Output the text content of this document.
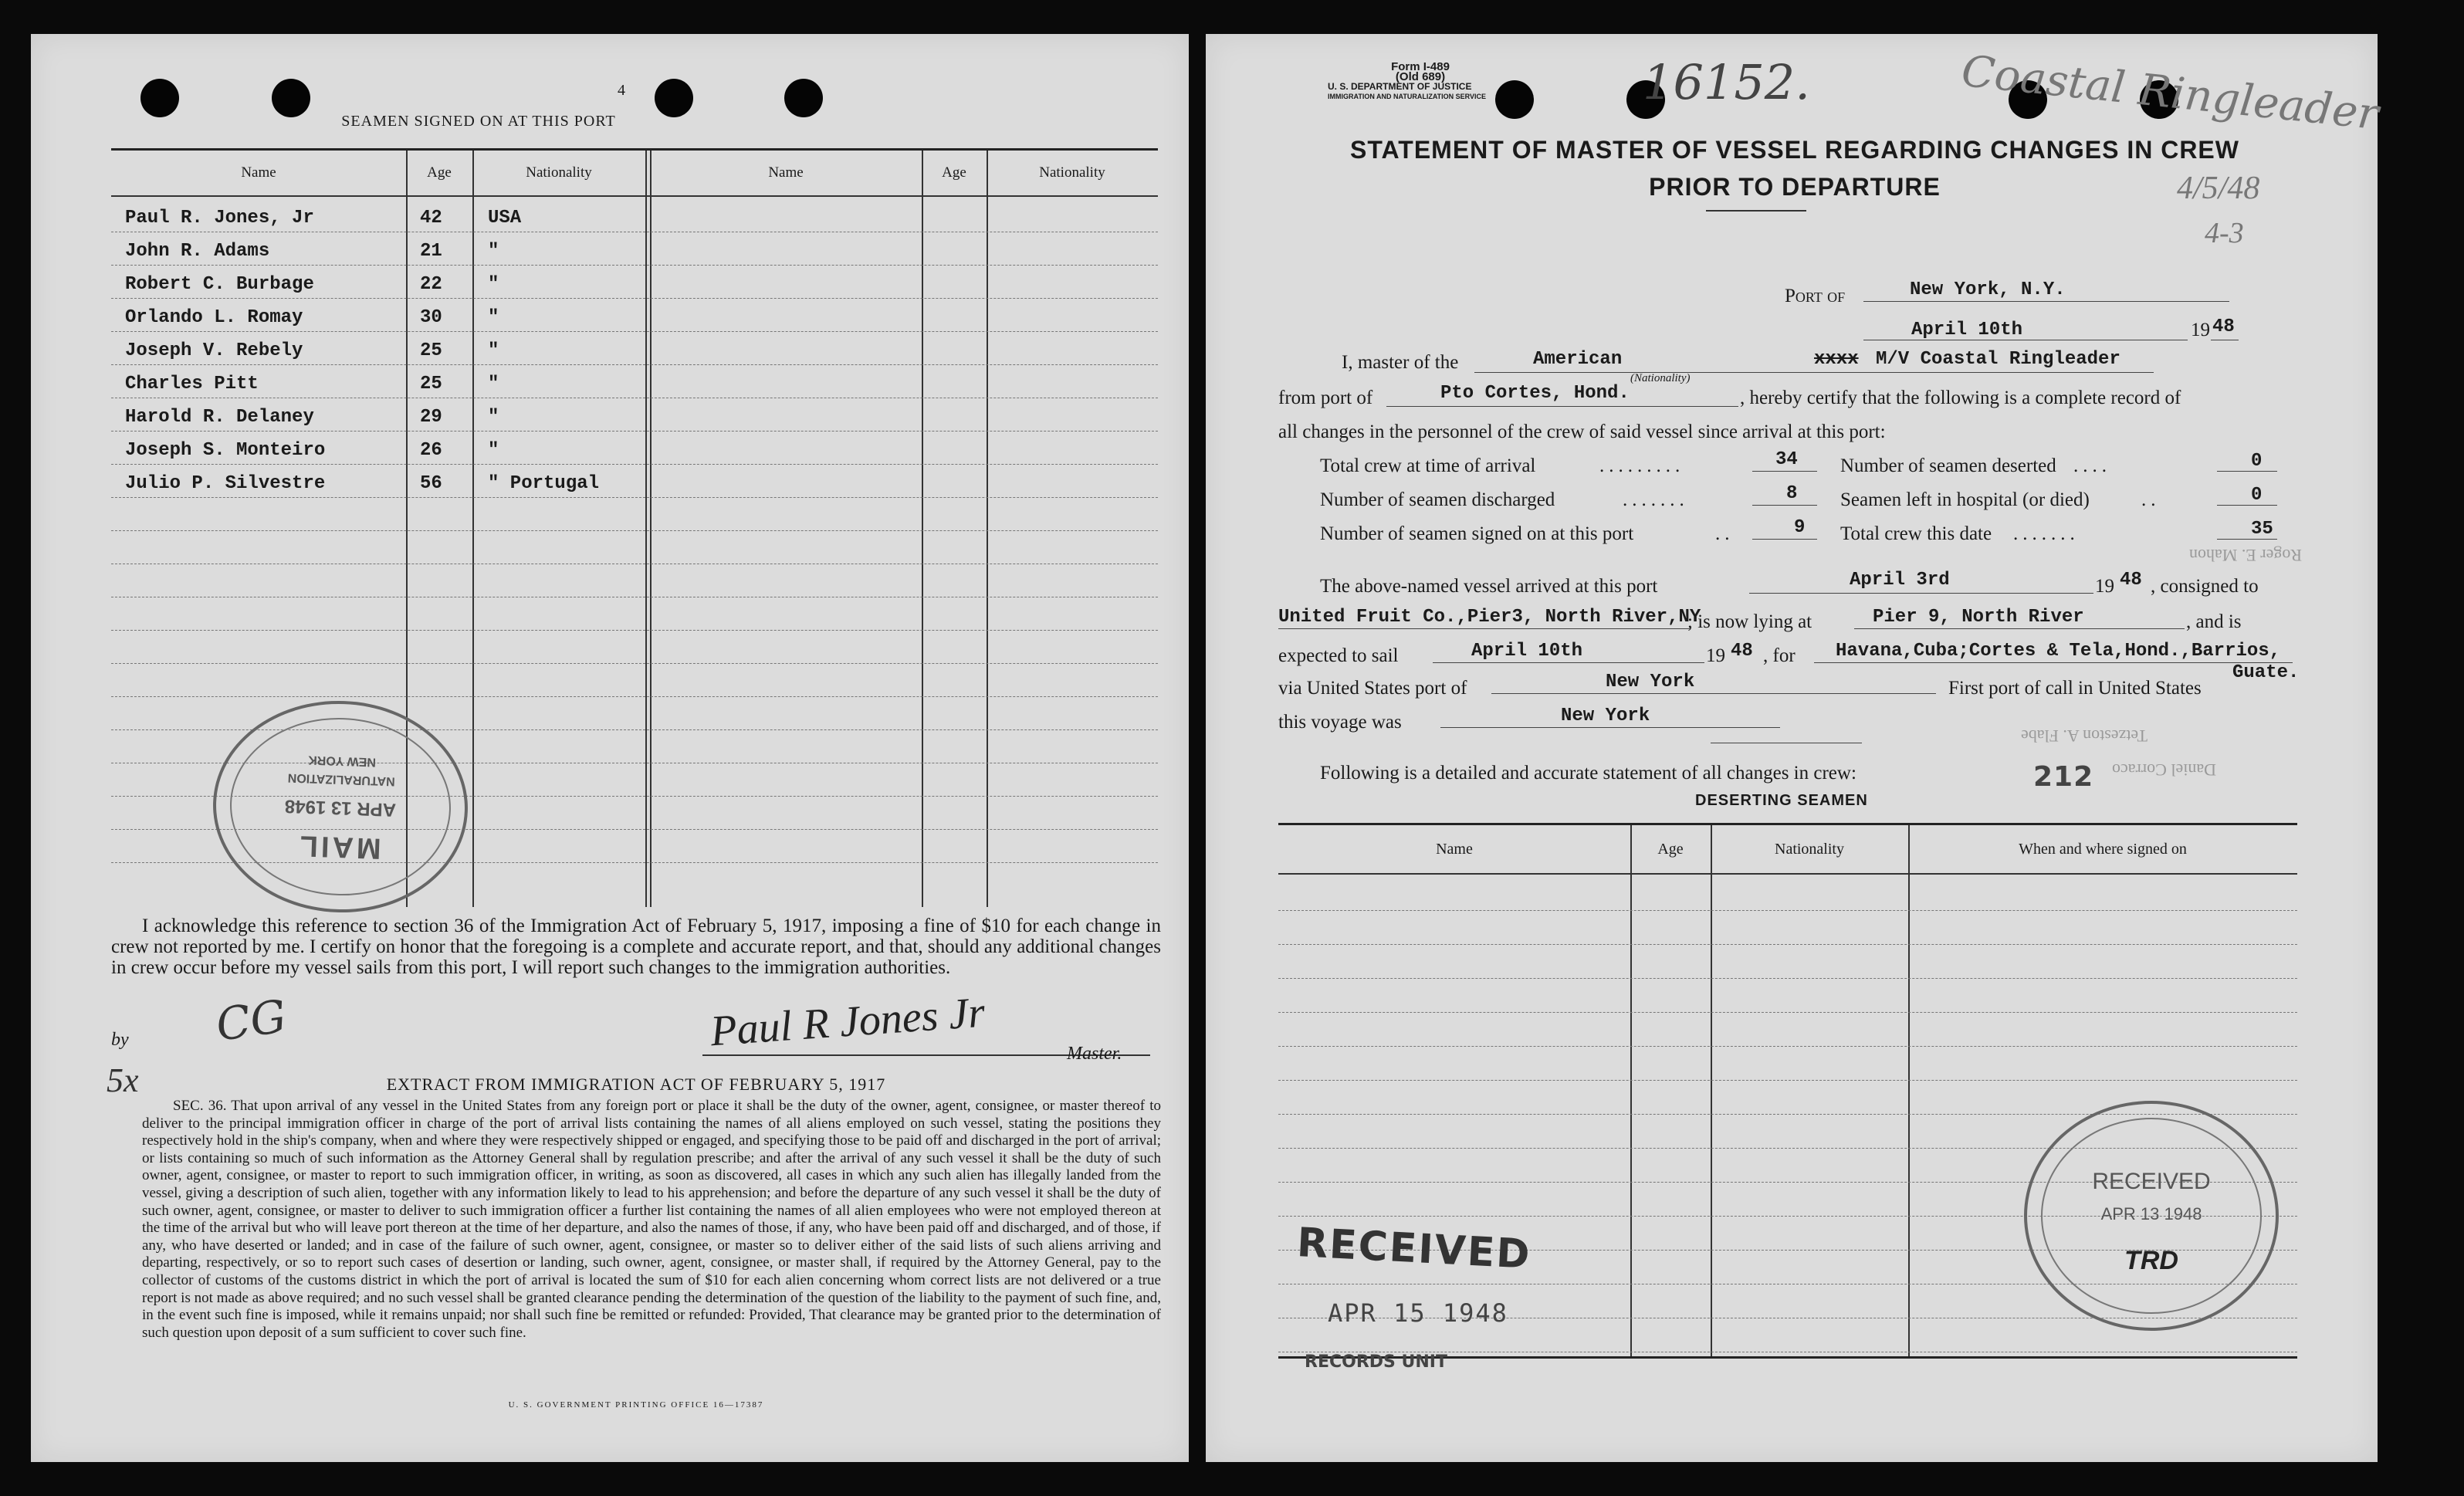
4
SEAMEN SIGNED ON AT THIS PORT
Name	Age	Nationality	Name	Age	Nationality
Paul R. Jones, Jr	42 USA
John R. Adams	21 "
Robert C. Burbage	22 "
Orlando L. Romay	30 "
Joseph V. Rebely	25 "
Charles Pitt	25 "
Harold R. Delaney	29 "
Joseph S. Monteiro	26 "
Julio P. Silvestre	56 " Portugal
MAIL
APR 13 1948
NATURALIZATION
NEW YORK
I acknowledge this reference to section 36 of the Immigration Act of February 5, 1917, imposing a fine of $10 for each change in crew not reported by me. I certify on honor that the foregoing is a complete and accurate report, and that, should any additional changes in crew occur before my vessel sails from this port, I will report such changes to the immigration authorities.
by CG
5x
Paul R Jones Jr	Master.
EXTRACT FROM IMMIGRATION ACT OF FEBRUARY 5, 1917
SEC. 36. That upon arrival of any vessel in the United States from any foreign port or place it shall be the duty of the owner, agent, consignee, or master thereof to deliver to the principal immigration officer in charge of the port of arrival lists containing the names of all aliens employed on such vessel, stating the positions they respectively hold in the ship's company, when and where they were respectively shipped or engaged, and specifying those to be paid off and discharged in the port of arrival; or lists containing so much of such information as the Attorney General shall by regulation prescribe; and after the arrival of any such vessel it shall be the duty of such owner, agent, consignee, or master to report to such immigration officer, in writing, as soon as discovered, all cases in which any such alien has illegally landed from the vessel, giving a description of such alien, together with any information likely to lead to his apprehension; and before the departure of any such vessel it shall be the duty of such owner, agent, consignee, or master to deliver to such immigration officer a further list containing the names of all alien employees who were not employed thereon at the time of the arrival but who will leave port thereon at the time of her departure, and also the names of those, if any, who have been paid off and discharged, and of those, if any, who have deserted or landed; and in case of the failure of such owner, agent, consignee, or master so to deliver either of the said lists of such aliens arriving and departing, respectively, or so to report such cases of desertion or landing, such owner, agent, consignee, or master shall, if required by the Attorney General, pay to the collector of customs of the customs district in which the port of arrival is located the sum of $10 for each alien concerning whom correct lists are not delivered or a true report is not made as above required; and no such vessel shall be granted clearance pending the determination of the question of the liability to the payment of such fine, and, in the event such fine is imposed, while it remains unpaid; nor shall such fine be remitted or refunded: Provided, That clearance may be granted prior to the determination of such question upon deposit of a sum sufficient to cover such fine.
U. S. GOVERNMENT PRINTING OFFICE 16—17387
Form I-489
(Old 689)
U. S. DEPARTMENT OF JUSTICE
IMMIGRATION AND NATURALIZATION SERVICE	16152.	Coastal Ringleader
4/5/48
4-3
STATEMENT OF MASTER OF VESSEL REGARDING CHANGES IN CREW
PRIOR TO DEPARTURE
Port of	New York, N.Y.
April 10th	19 48
I, master of the	American	xxxx M/V Coastal Ringleader
(Nationality)
from port of	Pto Cortes, Hond.	, hereby certify that the following is a complete record of
all changes in the personnel of the crew of said vessel since arrival at this port:
Total crew at time of arrival	.........	34
Number of seamen discharged	.......	8
Number of seamen signed on at this port	..	9
Number of seamen deserted ....	0
Seamen left in hospital (or died)	..	0
Total crew this date .......	35
The above-named vessel arrived at this port	April 3rd	19 48 , consigned to
United Fruit Co.,Pier3, North River,NY
; is now lying at	Pier 9, North River	, and is
expected to sail	April 10th	19 48 , for Havana,Cuba;Cortes & Tela,Hond.,Barrios,
Guate.
via United States port of	New York	First port of call in United States
this voyage was	New York
Following is a detailed and accurate statement of all changes in crew:	212
DESERTING SEAMEN
Roger E. Mahon
Tetzeston A. Flabe
Daniel Corraco
Name	Age	Nationality	When and where signed on
RECEIVED
APR 15 1948
RECORDS UNIT
RECEIVED
APR 13 1948
TRD
